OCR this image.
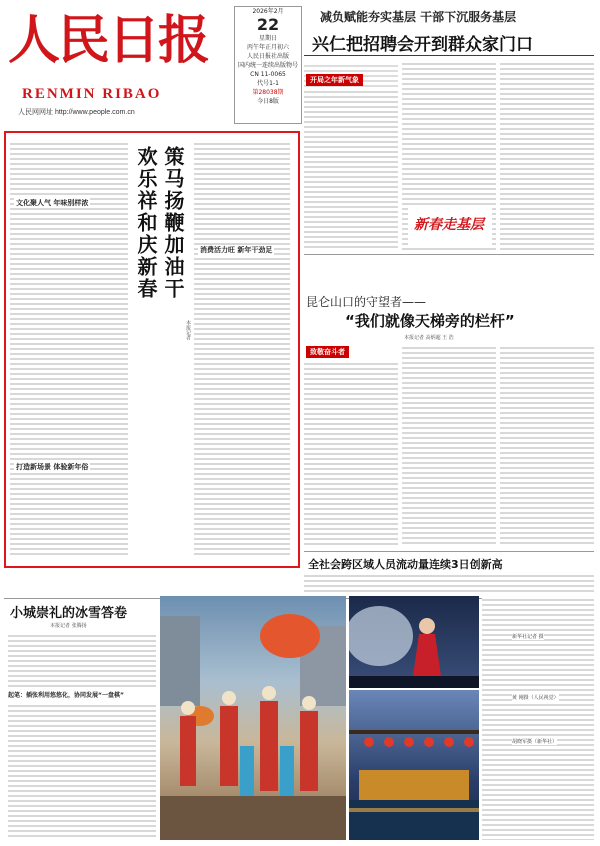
人民日报
RENMIN RIBAO
人民网网址 http://www.people.com.cn
2026年2月
22
星期日
丙午年正月初六
人民日报社出版
国内统一连续出版物号
CN 11-0065
代号1-1
第28038期
今日8版
减负赋能夯实基层 干部下沉服务基层
兴仁把招聘会开到群众家门口

文化聚人气 年味别样浓
打造新场景 体验新年俗
欢乐祥和庆新春 策马扬鞭加油干
本报记者
消费活力旺 新年干劲足
开局之年新气象
新春走基层
昆仑山口的守望者——
“我们就像天梯旁的栏杆”
本报记者 高炳超 王 浩
致敬奋斗者
全社会跨区域人员流动量连续3日创新高
小城崇礼的冰雪答卷
本报记者 张腾扬
起笔：插张利用悠悠化，协同发展“一盘棋”
新华社记者 摄
黄 刚摄（人民视觉）
胡晓军摄（新华社）
